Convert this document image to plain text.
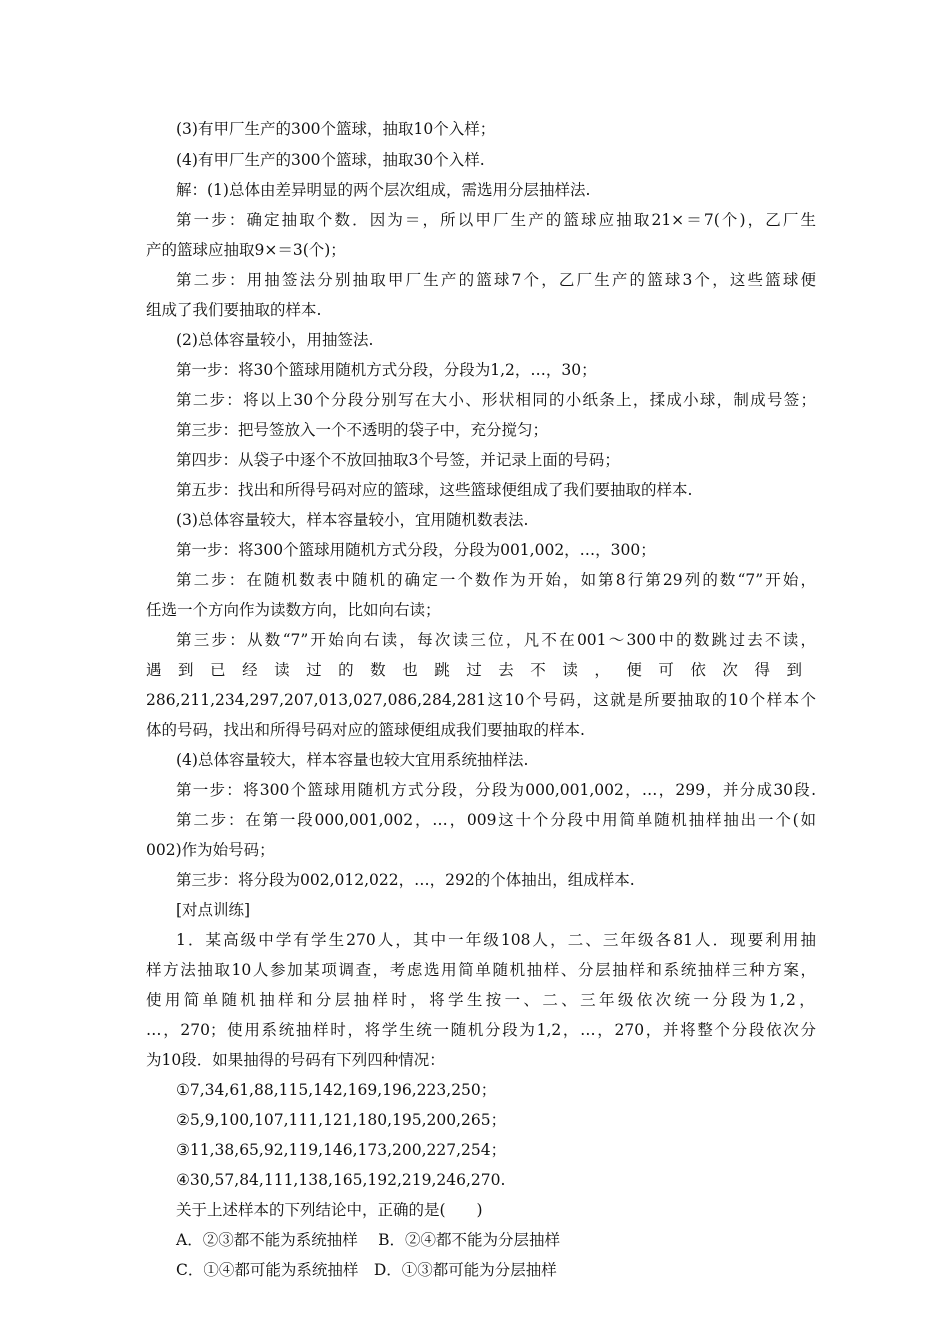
(3)有甲厂生产的300个篮球，抽取10个入样；
(4)有甲厂生产的300个篮球，抽取30个入样.
解：(1)总体由差异明显的两个层次组成，需选用分层抽样法.
第一步：确定抽取个数．因为＝，所以甲厂生产的篮球应抽取21×＝7(个)，乙厂生
产的篮球应抽取9×＝3(个)；
第二步：用抽签法分别抽取甲厂生产的篮球7个，乙厂生产的篮球3个，这些篮球便
组成了我们要抽取的样本.
(2)总体容量较小，用抽签法.
第一步：将30个篮球用随机方式分段，分段为1,2，…，30；
第二步：将以上30个分段分别写在大小、形状相同的小纸条上，揉成小球，制成号签；
第三步：把号签放入一个不透明的袋子中，充分搅匀；
第四步：从袋子中逐个不放回抽取3个号签，并记录上面的号码；
第五步：找出和所得号码对应的篮球，这些篮球便组成了我们要抽取的样本.
(3)总体容量较大，样本容量较小，宜用随机数表法.
第一步：将300个篮球用随机方式分段，分段为001,002，…，300；
第二步：在随机数表中随机的确定一个数作为开始，如第8行第29列的数“7”开始，
任选一个方向作为读数方向，比如向右读；
第三步：从数“7”开始向右读，每次读三位，凡不在001～300中的数跳过去不读，
遇到已经读过的数也跳过去不读，便可依次得到
286,211,234,297,207,013,027,086,284,281这10个号码，这就是所要抽取的10个样本个
体的号码，找出和所得号码对应的篮球便组成我们要抽取的样本.
(4)总体容量较大，样本容量也较大宜用系统抽样法.
第一步：将300个篮球用随机方式分段，分段为000,001,002，…，299，并分成30段.
第二步：在第一段000,001,002，…，009这十个分段中用简单随机抽样抽出一个(如
002)作为始号码；
第三步：将分段为002,012,022，…，292的个体抽出，组成样本.
[对点训练]
1．某高级中学有学生270人，其中一年级108人，二、三年级各81人．现要利用抽
样方法抽取10人参加某项调查，考虑选用简单随机抽样、分层抽样和系统抽样三种方案，
使用简单随机抽样和分层抽样时，将学生按一、二、三年级依次统一分段为1,2，
…，270；使用系统抽样时，将学生统一随机分段为1,2，…，270，并将整个分段依次分
为10段．如果抽得的号码有下列四种情况：
①7,34,61,88,115,142,169,196,223,250；
②5,9,100,107,111,121,180,195,200,265；
③11,38,65,92,119,146,173,200,227,254；
④30,57,84,111,138,165,192,219,246,270.
关于上述样本的下列结论中，正确的是(　　)
A．②③都不能为系统抽样　 B．②④都不能为分层抽样
C．①④都可能为系统抽样　D．①③都可能为分层抽样
